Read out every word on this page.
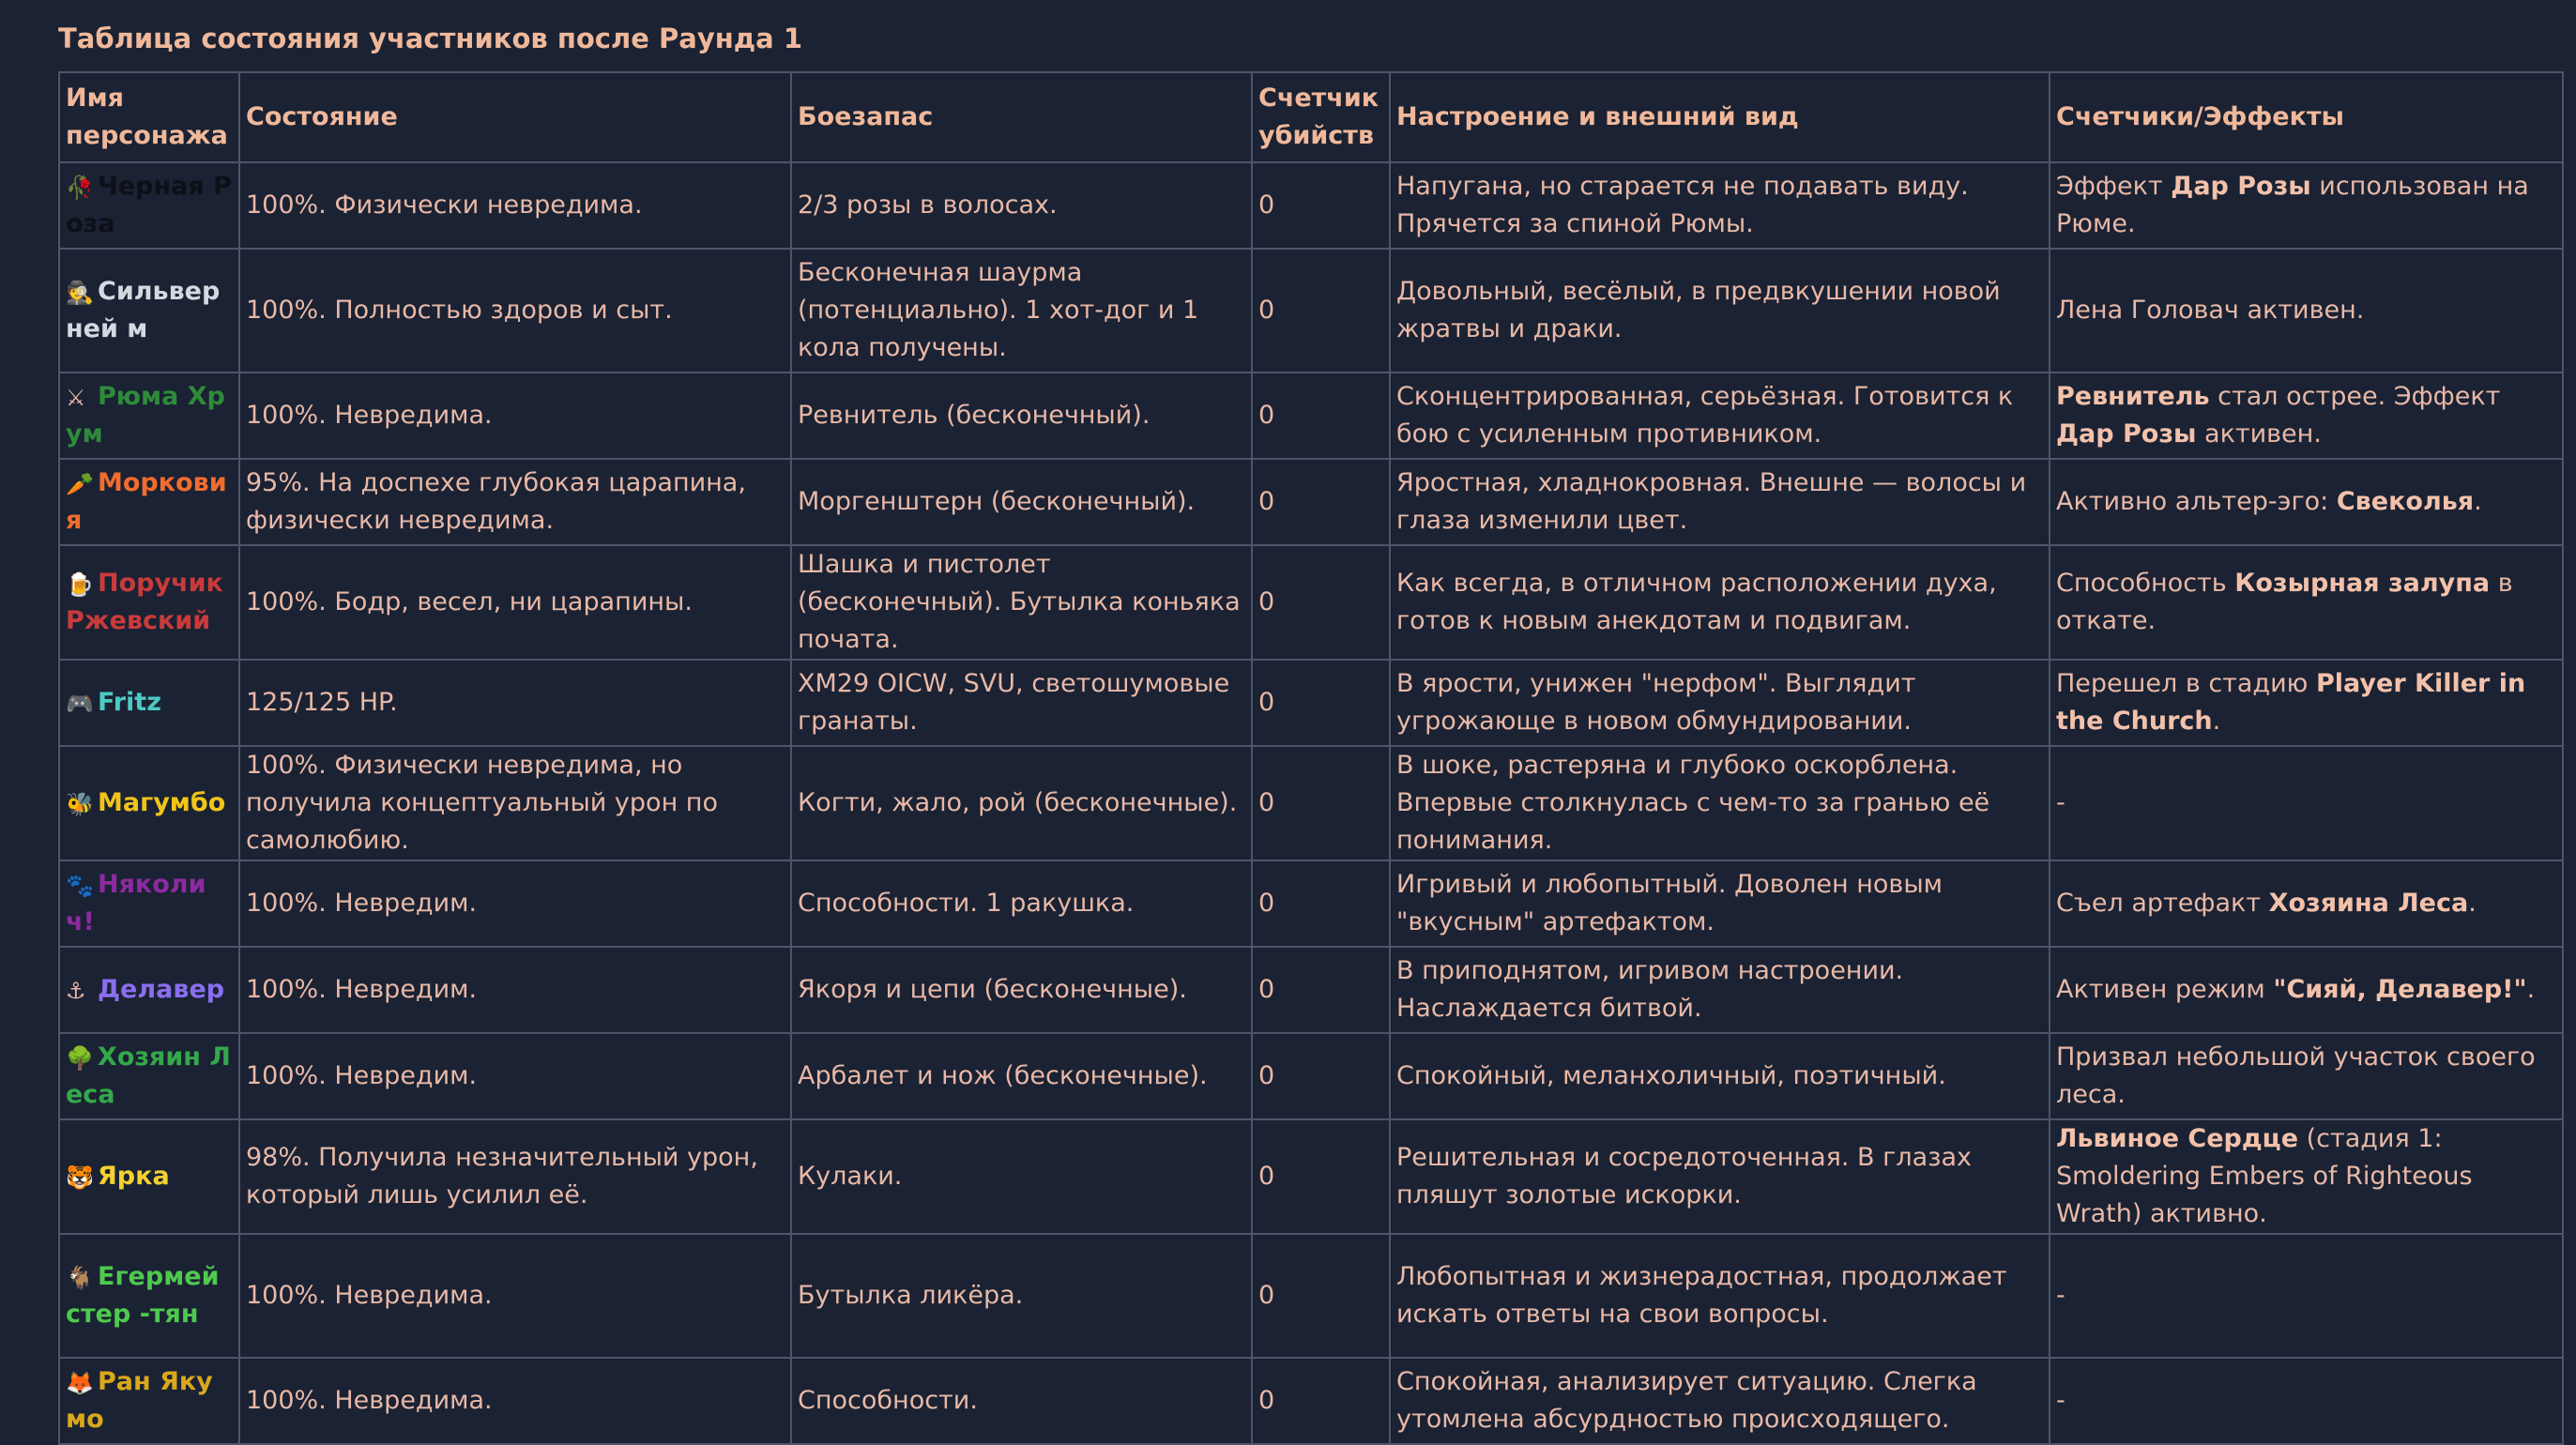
Таблица состояния участников после Раунда 1
Имя персонажа	Состояние	Боезапас	Счетчик убийств	Настроение и внешний вид	Счетчики/Эффекты
🥀 Черная Роза	100%. Физически невредима.	2/3 розы в волосах.	0	Напугана, но старается не подавать виду. Прячется за спиной Рюмы.	Эффект Дар Розы использован на Рюме.
🕵 Сильверней м	100%. Полностью здоров и сыт.	Бесконечная шаурма (потенциально). 1 хот-дог и 1 кола получены.	0	Довольный, весёлый, в предвкушении новой жратвы и драки.	Лена Головач активен.
⚔ Рюма Хрум	100%. Невредима.	Ревнитель (бесконечный).	0	Сконцентрированная, серьёзная. Готовится к бою с усиленным противником.	Ревнитель стал острее. Эффект Дар Розы активен.
🥕 Морковия	95%. На доспехе глубокая царапина, физически невредима.	Моргенштерн (бесконечный).	0	Яростная, хладнокровная. Внешне — волосы и глаза изменили цвет.	Активно альтер-эго: Свеколья.
🍺 Поручик Ржевский	100%. Бодр, весел, ни царапины.	Шашка и пистолет (бесконечный). Бутылка коньяка почата.	0	Как всегда, в отличном расположении духа, готов к новым анекдотам и подвигам.	Способность Козырная залупа в откате.
🎮 Fritz	125/125 HP.	XM29 OICW, SVU, светошумовые гранаты.	0	В ярости, унижен "нерфом". Выглядит угрожающе в новом обмундировании.	Перешел в стадию Player Killer in the Church.
🐝 Магумбо	100%. Физически невредима, но получила концептуальный урон по самолюбию.	Когти, жало, рой (бесконечные).	0	В шоке, растеряна и глубоко оскорблена. Впервые столкнулась с чем-то за гранью её понимания.	-
🐾 Няколич!	100%. Невредим.	Способности. 1 ракушка.	0	Игривый и любопытный. Доволен новым "вкусным" артефактом.	Съел артефакт Хозяина Леса.
⚓ Делавер	100%. Невредим.	Якоря и цепи (бесконечные).	0	В приподнятом, игривом настроении. Наслаждается битвой.	Активен режим "Сияй, Делавер!".
🌳 Хозяин Леса	100%. Невредим.	Арбалет и нож (бесконечные).	0	Спокойный, меланхоличный, поэтичный.	Призвал небольшой участок своего леса.
🐯 Ярка	98%. Получила незначительный урон, который лишь усилил её.	Кулаки.	0	Решительная и сосредоточенная. В глазах пляшут золотые искорки.	Львиное Сердце (стадия 1: Smoldering Embers of Righteous Wrath) активно.
🐐 Егермейстер -тян	100%. Невредима.	Бутылка ликёра.	0	Любопытная и жизнерадостная, продолжает искать ответы на свои вопросы.	-
🦊 Ран Якумо	100%. Невредима.	Способности.	0	Спокойная, анализирует ситуацию. Слегка утомлена абсурдностью происходящего.	-
